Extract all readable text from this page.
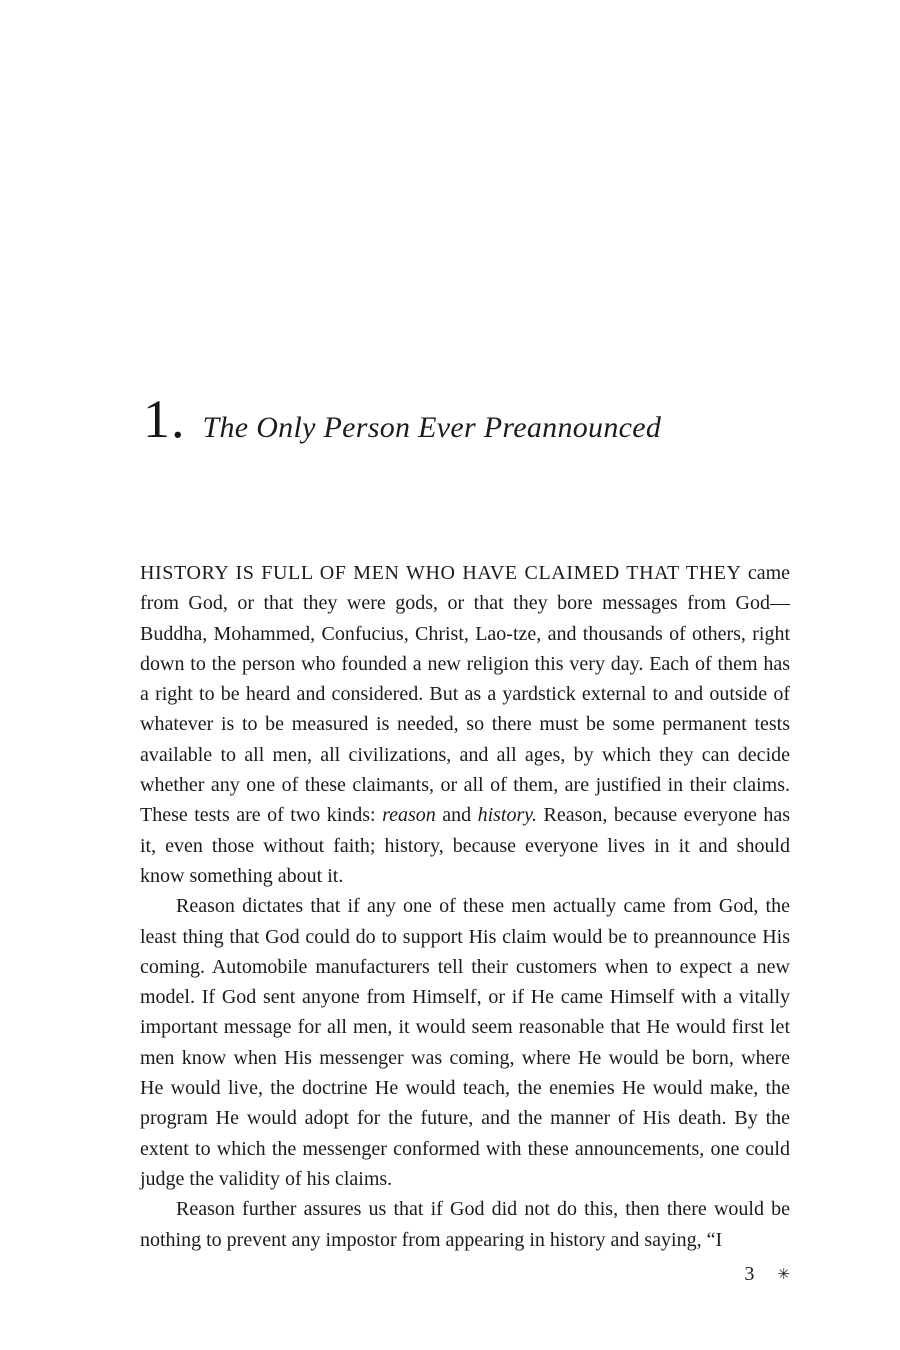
1. The Only Person Ever Preannounced

HISTORY IS FULL OF MEN WHO HAVE CLAIMED THAT THEY came from God, or that they were gods, or that they bore messages from God—Buddha, Mohammed, Confucius, Christ, Lao-tze, and thousands of others, right down to the person who founded a new religion this very day. Each of them has a right to be heard and considered. But as a yardstick external to and outside of whatever is to be measured is needed, so there must be some permanent tests available to all men, all civilizations, and all ages, by which they can decide whether any one of these claimants, or all of them, are justified in their claims. These tests are of two kinds: reason and history. Reason, because everyone has it, even those without faith; history, because everyone lives in it and should know something about it.

Reason dictates that if any one of these men actually came from God, the least thing that God could do to support His claim would be to preannounce His coming. Automobile manufacturers tell their customers when to expect a new model. If God sent anyone from Himself, or if He came Himself with a vitally important message for all men, it would seem reasonable that He would first let men know when His messenger was coming, where He would be born, where He would live, the doctrine He would teach, the enemies He would make, the program He would adopt for the future, and the manner of His death. By the extent to which the messenger conformed with these announcements, one could judge the validity of his claims.

Reason further assures us that if God did not do this, then there would be nothing to prevent any impostor from appearing in history and saying, “I

3 ✳
